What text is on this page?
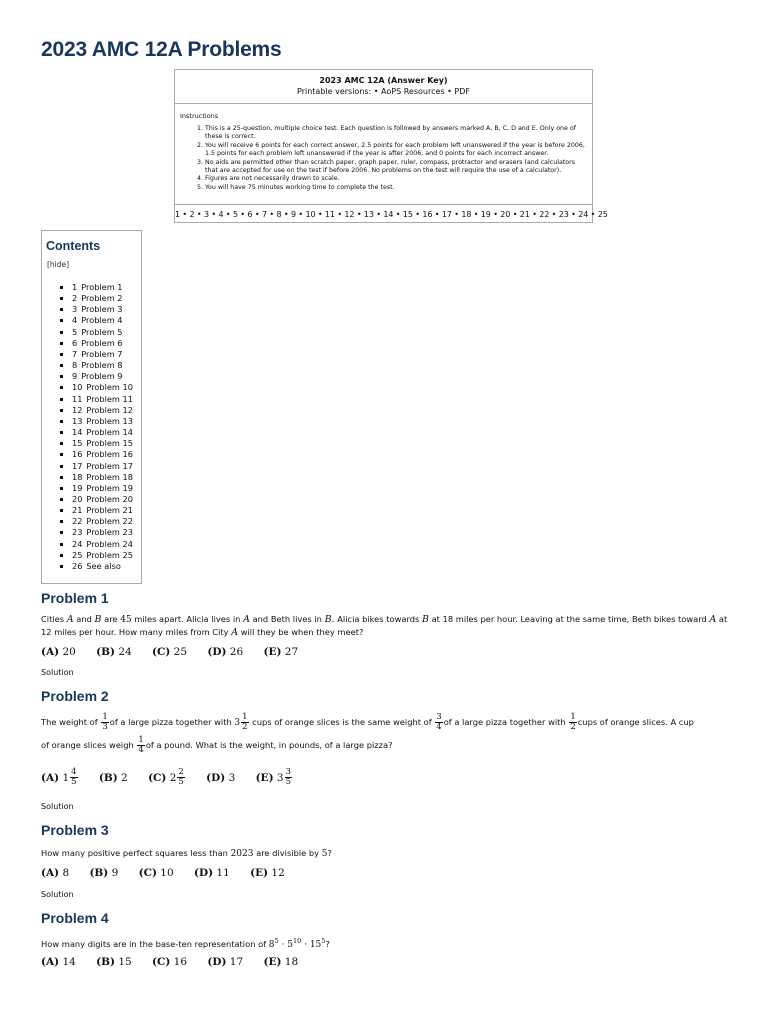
2023 AMC 12A Problems
2023 AMC 12A (Answer Key)
Printable versions: • AoPS Resources • PDF
Instructions
1. This is a 25-question, multiple choice test. Each question is followed by answers marked A, B, C, D and E. Only one of these is correct.
2. You will receive 6 points for each correct answer, 2.5 points for each problem left unanswered if the year is before 2006, 1.5 points for each problem left unanswered if the year is after 2006, and 0 points for each incorrect answer.
3. No aids are permitted other than scratch paper, graph paper, ruler, compass, protractor and erasers (and calculators that are accepted for use on the test if before 2006. No problems on the test will require the use of a calculator).
4. Figures are not necessarily drawn to scale.
5. You will have 75 minutes working time to complete the test.
1 • 2 • 3 • 4 • 5 • 6 • 7 • 8 • 9 • 10 • 11 • 12 • 13 • 14 • 15 • 16 • 17 • 18 • 19 • 20 • 21 • 22 • 23 • 24 • 25
Contents
[hide]
▪ 1 Problem 1
▪ 2 Problem 2
▪ 3 Problem 3
▪ 4 Problem 4
▪ 5 Problem 5
▪ 6 Problem 6
▪ 7 Problem 7
▪ 8 Problem 8
▪ 9 Problem 9
▪ 10 Problem 10
▪ 11 Problem 11
▪ 12 Problem 12
▪ 13 Problem 13
▪ 14 Problem 14
▪ 15 Problem 15
▪ 16 Problem 16
▪ 17 Problem 17
▪ 18 Problem 18
▪ 19 Problem 19
▪ 20 Problem 20
▪ 21 Problem 21
▪ 22 Problem 22
▪ 23 Problem 23
▪ 24 Problem 24
▪ 25 Problem 25
▪ 26 See also
Problem 1
Cities A and B are 45 miles apart. Alicia lives in A and Beth lives in B. Alicia bikes towards B at 18 miles per hour. Leaving at the same time, Beth bikes toward A at 12 miles per hour. How many miles from City A will they be when they meet?
(A) 20 (B) 24 (C) 25 (D) 26 (E) 27
Solution
Problem 2
The weight of $\frac{1}{3}$ of a large pizza together with $3 \frac{1}{2}$ cups of orange slices is the same weight of $\frac{3}{4}$ of a large pizza together with $\frac{1}{2}$ cups of orange slices. A cup
of orange slices weigh $\frac{1}{4}$ of a pound. What is the weight, in pounds, of a large pizza?
(A) $1 \frac{4}{5} (B)$ 2 (C) $2 \frac{2}{5} (D)$ 3 (E) $3 \frac{3}{5}$
Solution
Problem 3
How many positive perfect squares less than 2023 are divisible by 5?
(A) 8 (B) 9 (C) 10 (D) 11 (E) 12
Solution
Problem 4
How many digits are in the base-ten representation of $8^5 \cdot 5^{10} \cdot 15^5$?
(A) 14 (B) 15 (C) 16 (D) 17 (E) 18
